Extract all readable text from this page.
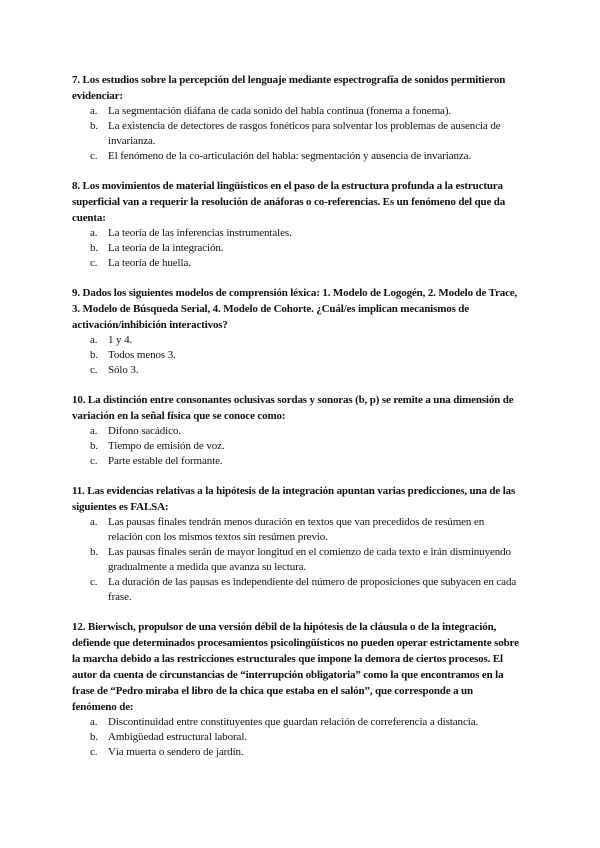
7. Los estudios sobre la percepción del lenguaje mediante espectrografía de sonidos permitieron evidenciar:

a. La segmentación diáfana de cada sonido del habla continua (fonema a fonema).
b. La existencia de detectores de rasgos fonéticos para solventar los problemas de ausencia de invarianza.
c. El fenómeno de la co-articulación del habla: segmentación y ausencia de invarianza.

8. Los movimientos de material lingüísticos en el paso de la estructura profunda a la estructura superficial van a requerir la resolución de anáforas o co-referencias. Es un fenómeno del que da cuenta:

a. La teoría de las inferencias instrumentales.
b. La teoría de la integración.
c. La teoría de huella.

9. Dados los siguientes modelos de comprensión léxica: 1. Modelo de Logogén, 2. Modelo de Trace, 3. Modelo de Búsqueda Serial, 4. Modelo de Cohorte. ¿Cuál/es implican mecanismos de activación/inhibición interactivos?

a. 1 y 4.
b. Todos menos 3.
c. Sólo 3.

10. La distinción entre consonantes oclusivas sordas y sonoras (b, p) se remite a una dimensión de variación en la señal física que se conoce como:

a. Difono sacádico.
b. Tiempo de emisión de voz.
c. Parte estable del formante.

11. Las evidencias relativas a la hipótesis de la integración apuntan varias predicciones, una de las siguientes es FALSA:

a. Las pausas finales tendrán menos duración en textos que van precedidos de resúmen en relación con los mismos textos sin resúmen previo.
b. Las pausas finales serán de mayor longitud en el comienzo de cada texto e irán disminuyendo gradualmente a medida que avanza su lectura.
c. La duración de las pausas es independiente del número de proposiciones que subyacen en cada frase.

12. Bierwisch, propulsor de una versión débil de la hipótesis de la cláusula o de la integración, defiende que determinados procesamientos psicolingüísticos no pueden operar estrictamente sobre la marcha debido a las restricciones estructurales que impone la demora de ciertos procesos. El autor da cuenta de circunstancias de “interrupción obligatoria” como la que encontramos en la frase de “Pedro miraba el libro de la chica que estaba en el salón”, que corresponde a un fenómeno de:

a. Discontinuidad entre constituyentes que guardan relación de correferencia a distancia.
b. Ambigüedad estructural laboral.
c. Vía muerta o sendero de jardín.
